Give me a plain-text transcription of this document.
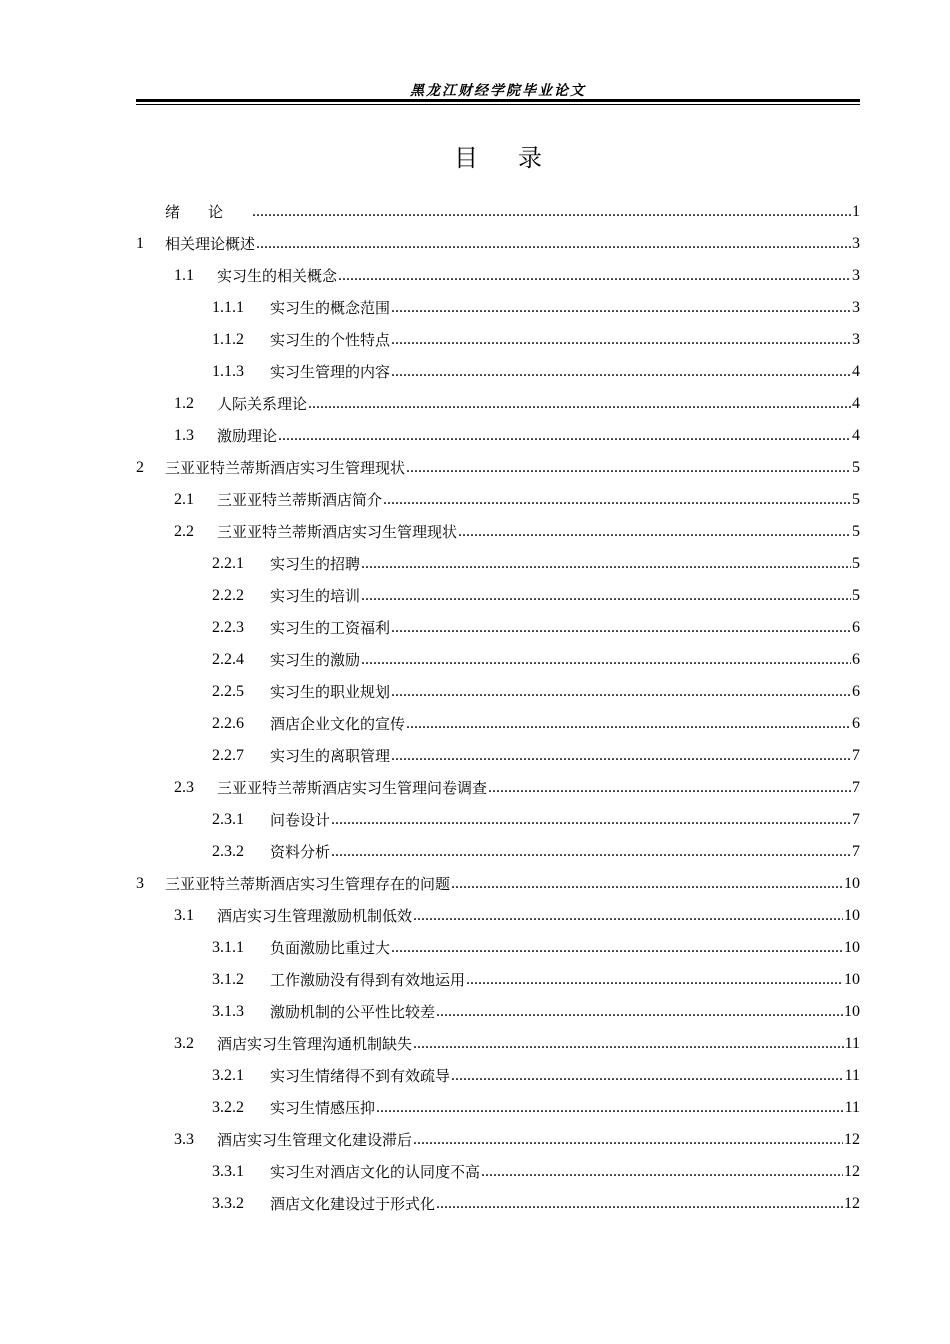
黑龙江财经学院毕业论文
目录
绪论 .....	1
1	相关理论概述 .....	3
1.1	实习生的相关概念 .....	3
1.1.1	实习生的概念范围 .....	3
1.1.2	实习生的个性特点 .....	3
1.1.3	实习生管理的内容 .....	4
1.2	人际关系理论 .....	4
1.3	激励理论 .....	4
2	三亚亚特兰蒂斯酒店实习生管理现状 .....	5
2.1	三亚亚特兰蒂斯酒店简介 .....	5
2.2	三亚亚特兰蒂斯酒店实习生管理现状 .....	5
2.2.1	实习生的招聘 .....	5
2.2.2	实习生的培训 .....	5
2.2.3	实习生的工资福利 .....	6
2.2.4	实习生的激励 .....	6
2.2.5	实习生的职业规划 .....	6
2.2.6	酒店企业文化的宣传 .....	6
2.2.7	实习生的离职管理 .....	7
2.3	三亚亚特兰蒂斯酒店实习生管理问卷调查 .....	7
2.3.1	问卷设计 .....	7
2.3.2	资料分析 .....	7
3	三亚亚特兰蒂斯酒店实习生管理存在的问题 .....	10
3.1	酒店实习生管理激励机制低效 .....	10
3.1.1	负面激励比重过大 .....	10
3.1.2	工作激励没有得到有效地运用 .....	10
3.1.3	激励机制的公平性比较差 .....	10
3.2	酒店实习生管理沟通机制缺失 .....	11
3.2.1	实习生情绪得不到有效疏导 .....	11
3.2.2	实习生情感压抑 .....	11
3.3	酒店实习生管理文化建设滞后 .....	12
3.3.1	实习生对酒店文化的认同度不高 .....	12
3.3.2	酒店文化建设过于形式化 .....	12
